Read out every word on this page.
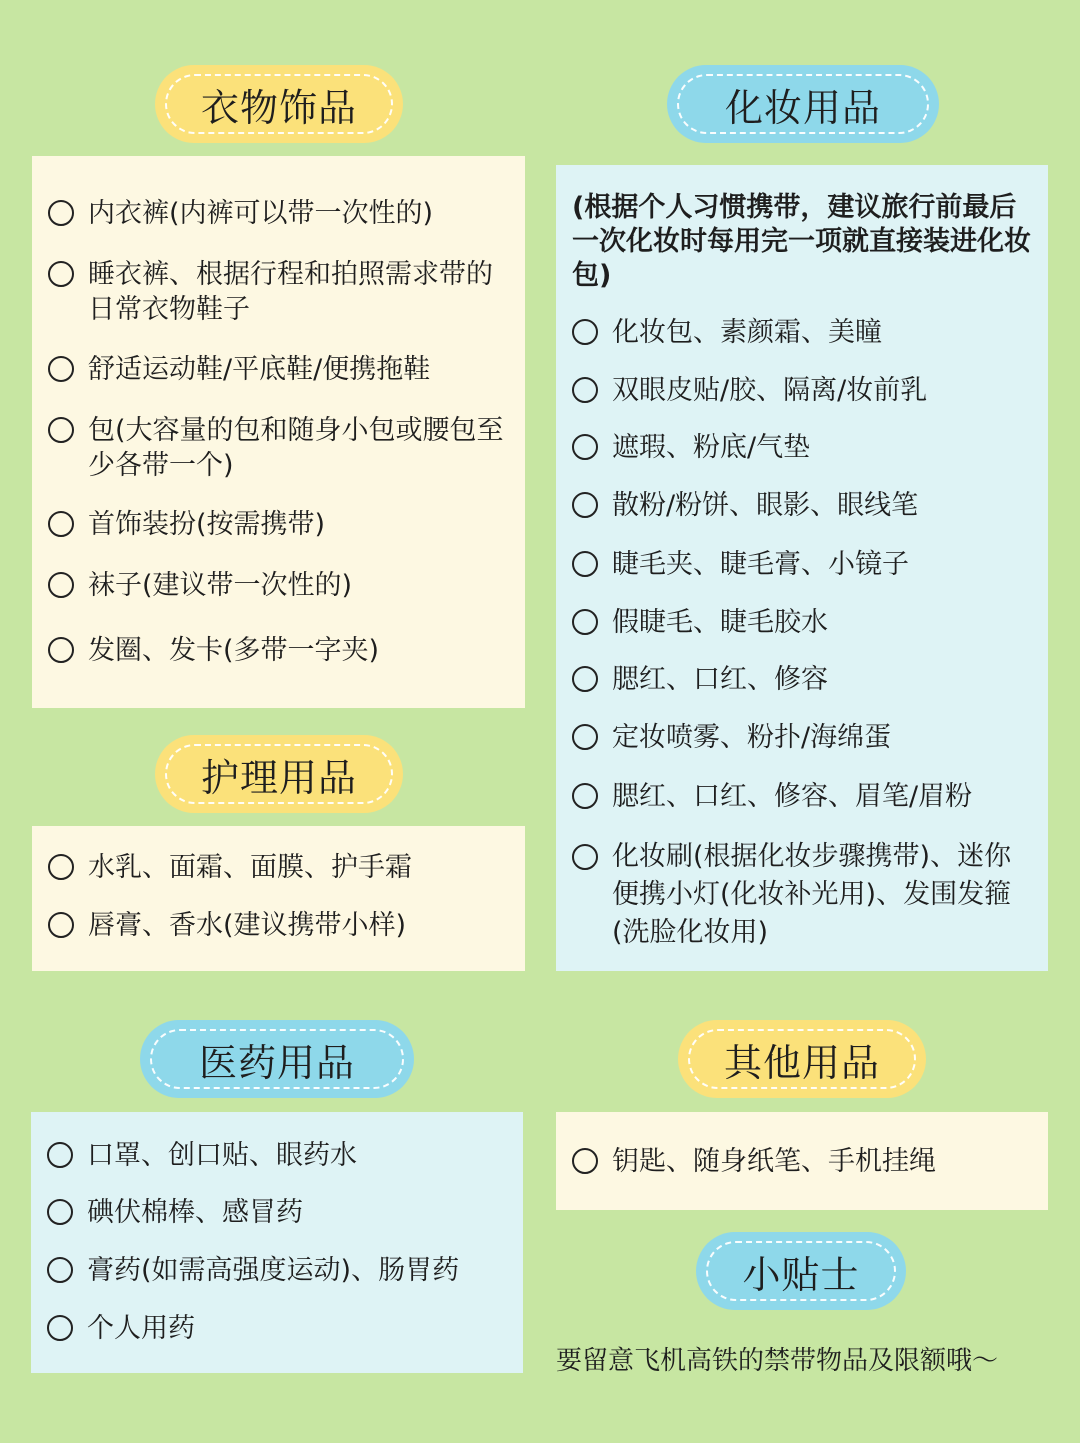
衣物饰品
内衣裤(内裤可以带一次性的)
睡衣裤、根据行程和拍照需求带的日常衣物鞋子
舒适运动鞋/平底鞋/便携拖鞋
包(大容量的包和随身小包或腰包至少各带一个)
首饰装扮(按需携带)
袜子(建议带一次性的)
发圈、发卡(多带一字夹)
护理用品
水乳、面霜、面膜、护手霜
唇膏、香水(建议携带小样)
化妆用品
(根据个人习惯携带，建议旅行前最后一次化妆时每用完一项就直接装进化妆包)
化妆包、素颜霜、美瞳
双眼皮贴/胶、隔离/妆前乳
遮瑕、粉底/气垫
散粉/粉饼、眼影、眼线笔
睫毛夹、睫毛膏、小镜子
假睫毛、睫毛胶水
腮红、口红、修容
定妆喷雾、粉扑/海绵蛋
腮红、口红、修容、眉笔/眉粉
化妆刷(根据化妆步骤携带)、迷你便携小灯(化妆补光用)、发围发箍(洗脸化妆用)
医药用品
口罩、创口贴、眼药水
碘伏棉棒、感冒药
膏药(如需高强度运动)、肠胃药
个人用药
其他用品
钥匙、随身纸笔、手机挂绳
小贴士
要留意飞机高铁的禁带物品及限额哦～
